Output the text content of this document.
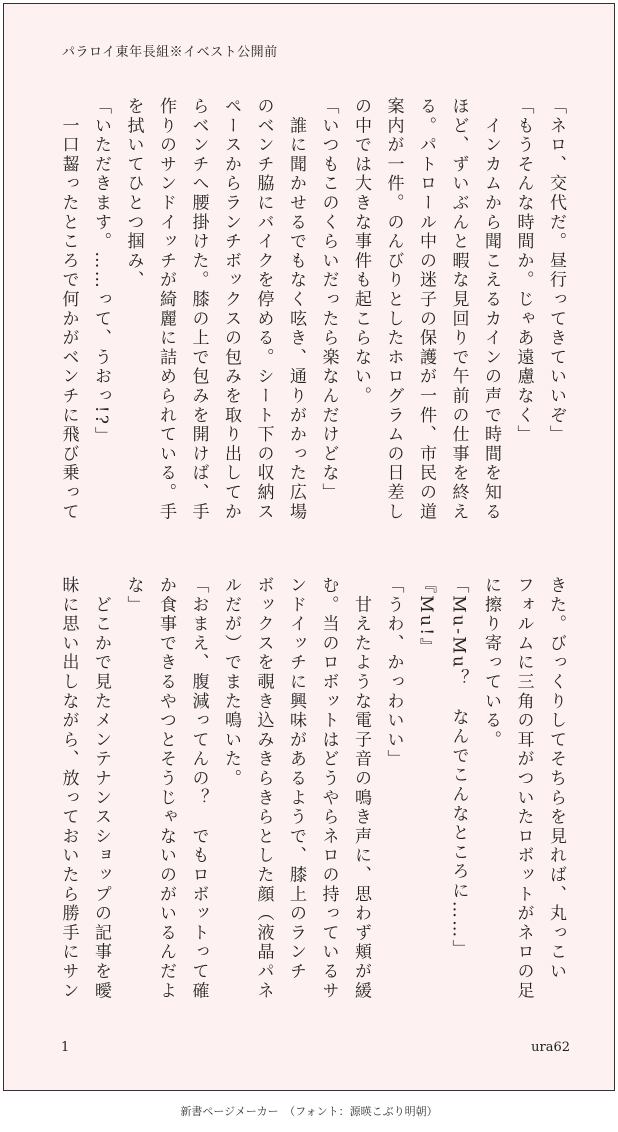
パラロイ東年長組※イベスト公開前
「ネロ、交代だ。昼行ってきていいぞ」
「もうそんな時間か。じゃあ遠慮なく」
　インカムから聞こえるカインの声で時間を知る
ほど、ずいぶんと暇な見回りで午前の仕事を終え
る。パトロール中の迷子の保護が一件、市民の道
案内が一件。のんびりとしたホログラムの日差し
の中では大きな事件も起こらない。
「いつもこのくらいだったら楽なんだけどな」
　誰に聞かせるでもなく呟き、通りがかった広場
のベンチ脇にバイクを停める。シート下の収納ス
ペースからランチボックスの包みを取り出してか
らベンチへ腰掛けた。膝の上で包みを開けば、手
作りのサンドイッチが綺麗に詰められている。手
を拭いてひとつ掴み、
「いただきます。……って、うおっ!?」
　一口齧ったところで何かがベンチに飛び乗って
きた。びっくりしてそちらを見れば、丸っこい
フォルムに三角の耳がついたロボットがネロの足
に擦り寄っている。
「Mu-Mu？　なんでこんなところに……」
『Mu!』
「うわ、かっわいい」
　甘えたような電子音の鳴き声に、思わず頬が緩
む。当のロボットはどうやらネロの持っているサ
ンドイッチに興味があるようで、膝上のランチ
ボックスを覗き込みきらきらとした顔（液晶パネ
ルだが）でまた鳴いた。
「おまえ、腹減ってんの？　でもロボットって確
か食事できるやつとそうじゃないのがいるんだよ
な」
　どこかで見たメンテナンスショップの記事を曖
昧に思い出しながら、放っておいたら勝手にサン
1	ura62
新書ページメーカー　（フォント：源暎こぶり明朝）
